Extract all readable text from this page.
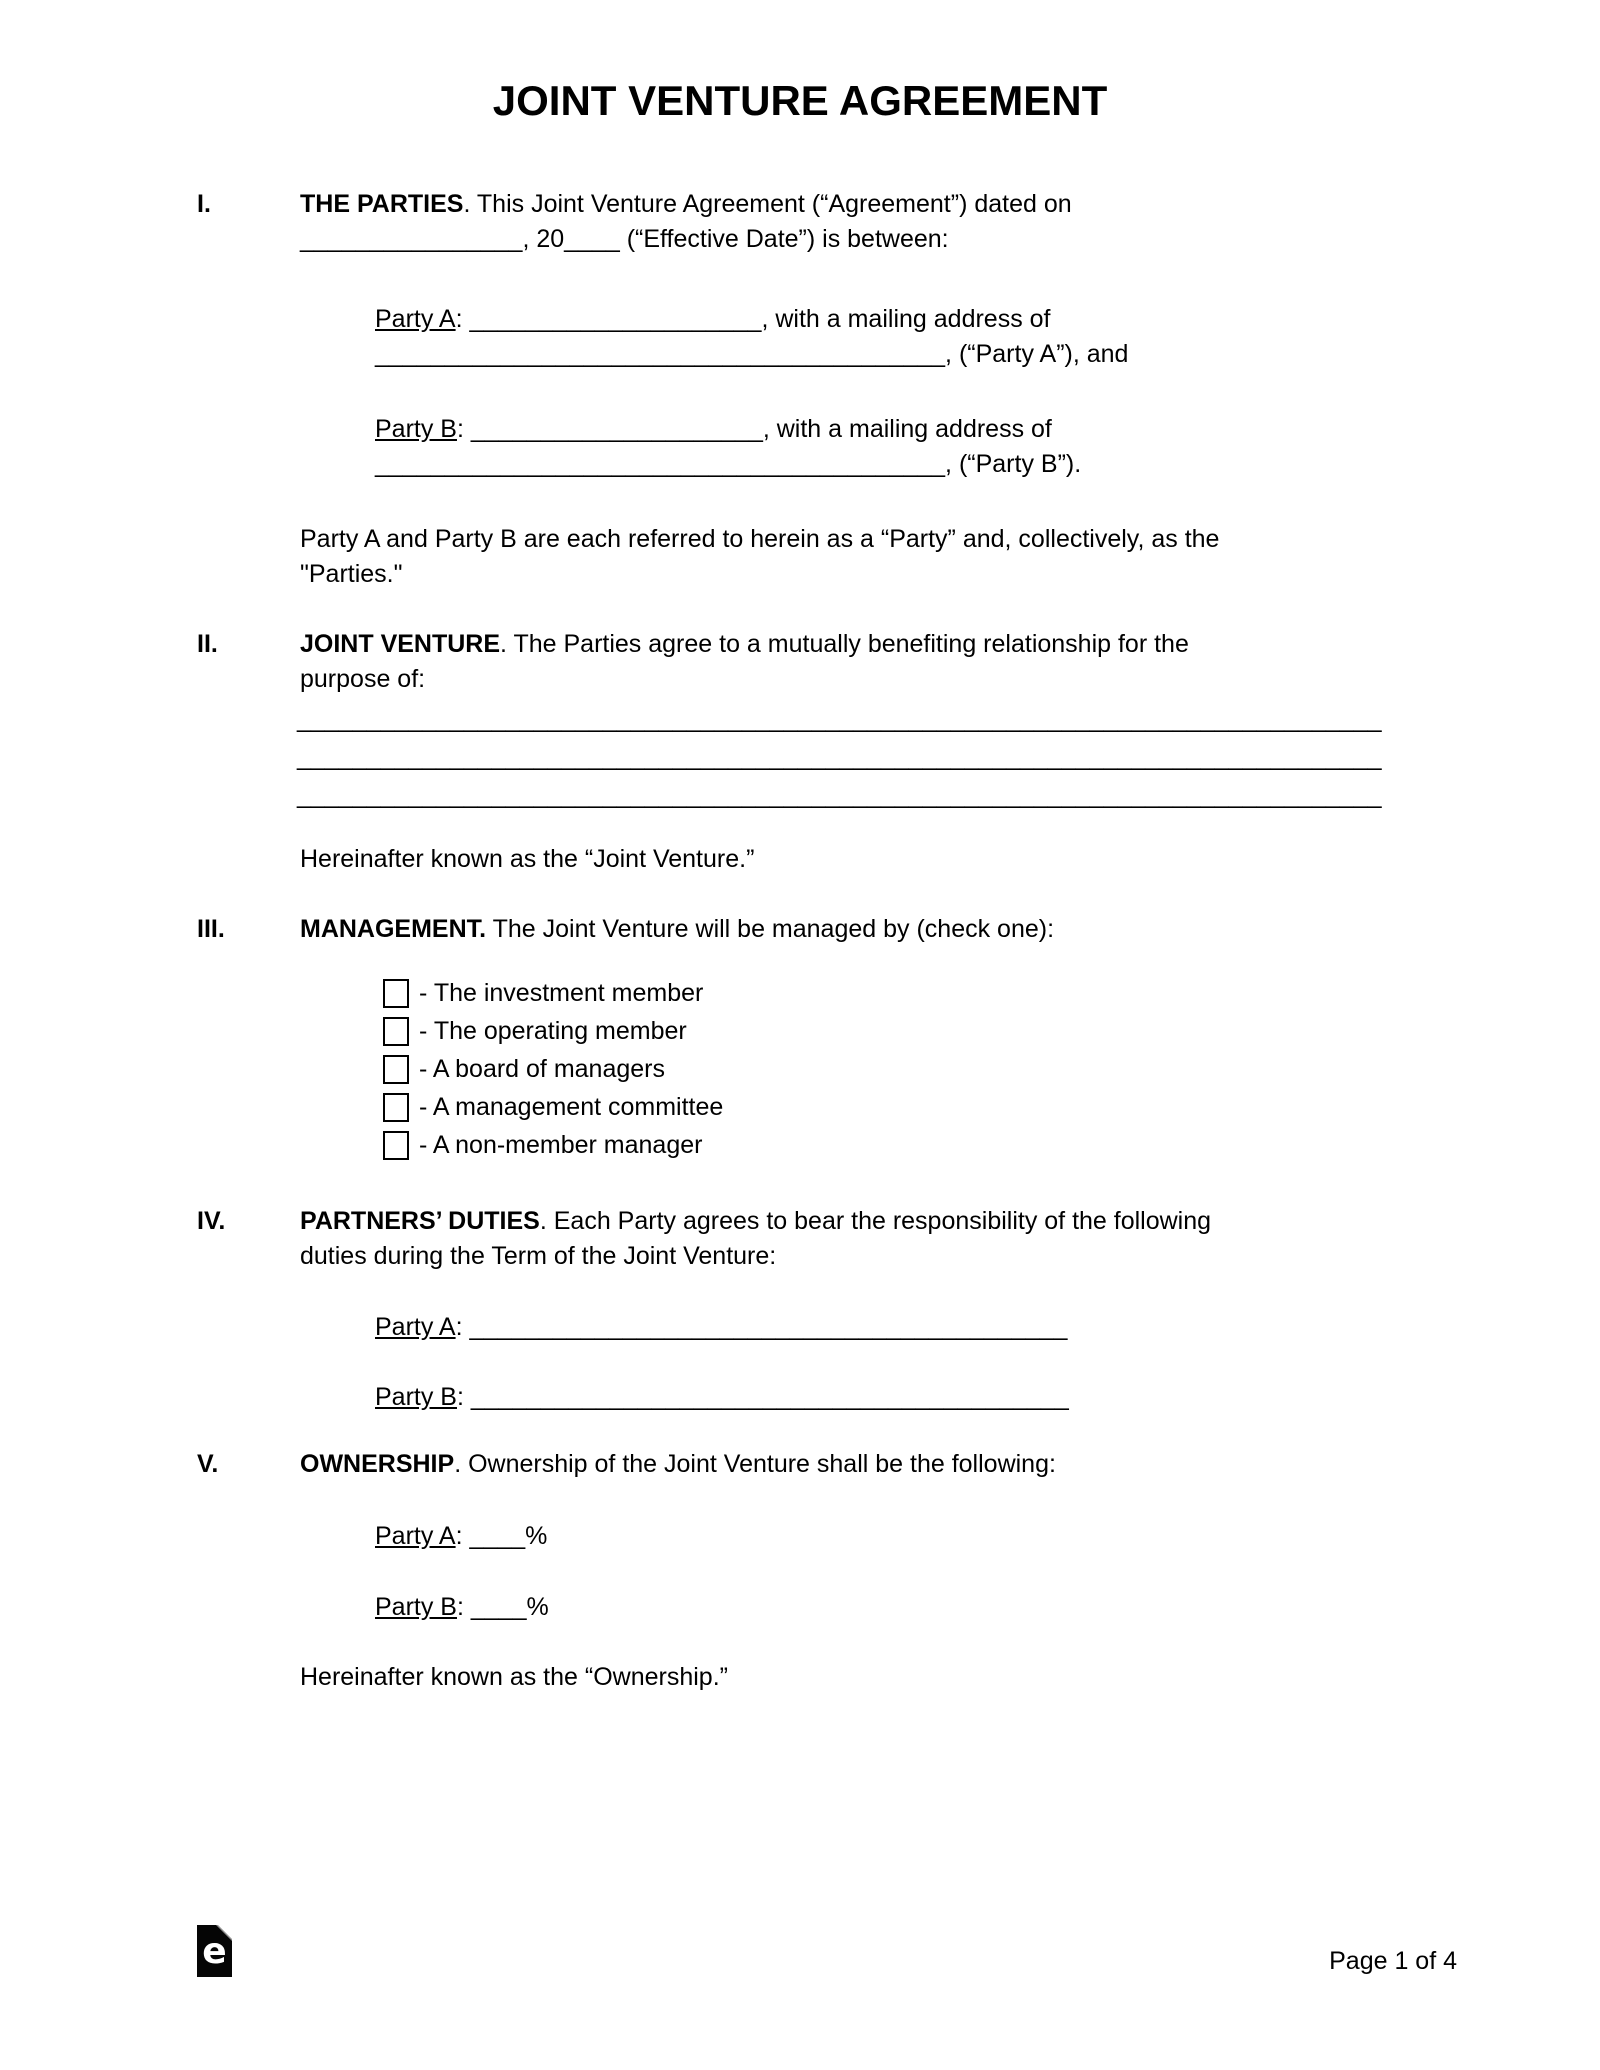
JOINT VENTURE AGREEMENT
I.	THE PARTIES. This Joint Venture Agreement (“Agreement”) dated on
________________, 20____ (“Effective Date”) is between:
Party A: _____________________, with a mailing address of
_________________________________________, (“Party A”), and
Party B: _____________________, with a mailing address of
_________________________________________, (“Party B”).
Party A and Party B are each referred to herein as a “Party” and, collectively, as the
"Parties."
II.	JOINT VENTURE. The Parties agree to a mutually benefiting relationship for the
purpose of:
______________________________________________________________________________
______________________________________________________________________________
______________________________________________________________________________
Hereinafter known as the “Joint Venture.”
III.	MANAGEMENT. The Joint Venture will be managed by (check one):
- The investment member
- The operating member
- A board of managers
- A management committee
- A non-member manager
IV.	PARTNERS’ DUTIES. Each Party agrees to bear the responsibility of the following
duties during the Term of the Joint Venture:
Party A: ___________________________________________
Party B: ___________________________________________
V.	OWNERSHIP. Ownership of the Joint Venture shall be the following:
Party A: ____%
Party B: ____%
Hereinafter known as the “Ownership.”
e	Page 1 of 4
